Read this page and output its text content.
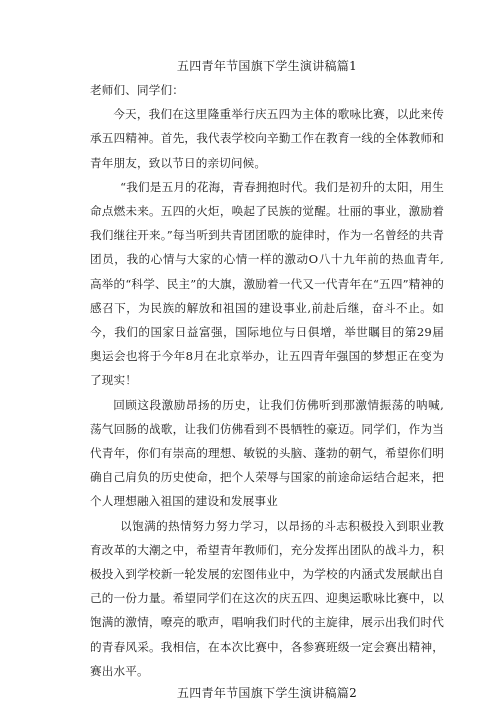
五四青年节国旗下学生演讲稿篇1

老师们、同学们：

今天，我们在这里隆重举行庆五四为主体的歌咏比赛，以此来传承五四精神。首先，我代表学校向辛勤工作在教育一线的全体教师和青年朋友，致以节日的亲切问候。

“我们是五月的花海，青春拥抱时代。我们是初升的太阳，用生命点燃未来。五四的火炬，唤起了民族的觉醒。壮丽的事业，激励着我们继往开来。”每当听到共青团团歌的旋律时，作为一名曾经的共青团员，我的心情与大家的心情一样的激动O八十九年前的热血青年,高举的“科学、民主”的大旗，激励着一代又一代青年在“五四”精神的感召下，为民族的解放和祖国的建设事业,前赴后继，奋斗不止。如今，我们的国家日益富强，国际地位与日俱增，举世瞩目的第29届奥运会也将于今年8月在北京举办，让五四青年强国的梦想正在变为了现实！

回顾这段激励昂扬的历史，让我们仿佛听到那激情振荡的呐喊,荡气回肠的战歌，让我们仿佛看到不畏牺牲的豪迈。同学们，作为当代青年，你们有崇高的理想、敏锐的头脑、蓬勃的朝气，希望你们明确自己肩负的历史使命，把个人荣辱与国家的前途命运结合起来，把个人理想融入祖国的建设和发展事业

以饱满的热情努力努力学习，以昂扬的斗志积极投入到职业教育改革的大潮之中，希望青年教师们，充分发挥出团队的战斗力，积极投入到学校新一轮发展的宏图伟业中，为学校的内涵式发展献出自己的一份力量。希望同学们在这次的庆五四、迎奥运歌咏比赛中，以饱满的激情，嘹亮的歌声，唱响我们时代的主旋律，展示出我们时代的青春风采。我相信，在本次比赛中，各参赛班级一定会赛出精神，赛出水平。

五四青年节国旗下学生演讲稿篇2
